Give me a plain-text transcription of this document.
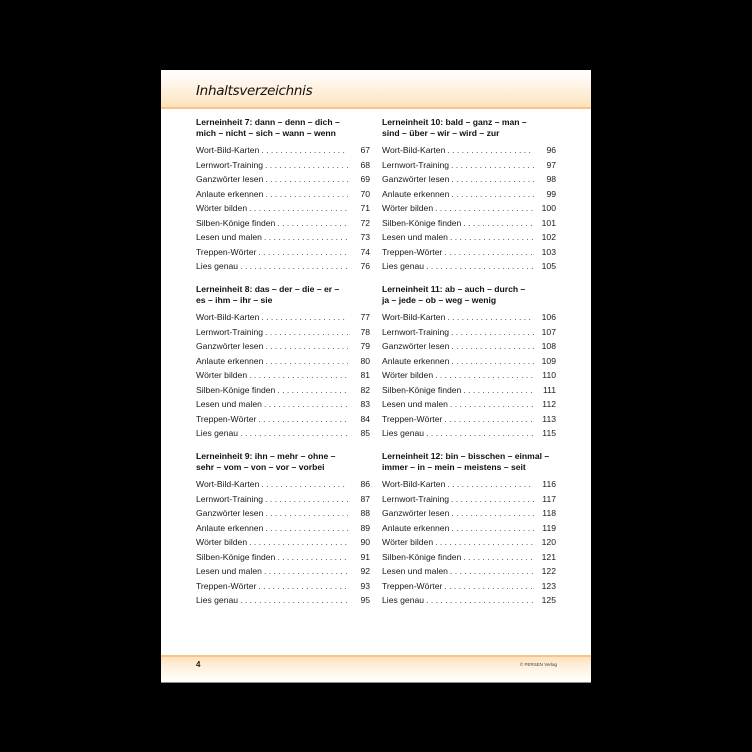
Inhaltsverzeichnis
Lerneinheit 7: dann – denn – dich –
mich – nicht – sich – wann – wenn
Wort-Bild-Karten . . .	67
Lernwort-Training . . .	68
Ganzwörter lesen . . .	69
Anlaute erkennen . . .	70
Wörter bilden . . .	71
Silben-Könige finden . . .	72
Lesen und malen . . .	73
Treppen-Wörter . . .	74
Lies genau . . .	76
Lerneinheit 8: das – der – die – er –
es – ihm – ihr – sie
Wort-Bild-Karten . . .	77
Lernwort-Training . . .	78
Ganzwörter lesen . . .	79
Anlaute erkennen . . .	80
Wörter bilden . . .	81
Silben-Könige finden . . .	82
Lesen und malen . . .	83
Treppen-Wörter . . .	84
Lies genau . . .	85
Lerneinheit 9: ihn – mehr – ohne –
sehr – vom – von – vor – vorbei
Wort-Bild-Karten . . .	86
Lernwort-Training . . .	87
Ganzwörter lesen . . .	88
Anlaute erkennen . . .	89
Wörter bilden . . .	90
Silben-Könige finden . . .	91
Lesen und malen . . .	92
Treppen-Wörter . . .	93
Lies genau . . .	95
Lerneinheit 10: bald – ganz – man –
sind – über – wir – wird – zur
Wort-Bild-Karten . . .	96
Lernwort-Training . . .	97
Ganzwörter lesen . . .	98
Anlaute erkennen . . .	99
Wörter bilden . . .	100
Silben-Könige finden . . .	101
Lesen und malen . . .	102
Treppen-Wörter . . .	103
Lies genau . . .	105
Lerneinheit 11: ab – auch – durch –
ja – jede – ob – weg – wenig
Wort-Bild-Karten . . .	106
Lernwort-Training . . .	107
Ganzwörter lesen . . .	108
Anlaute erkennen . . .	109
Wörter bilden . . .	110
Silben-Könige finden . . .	111
Lesen und malen . . .	112
Treppen-Wörter . . .	113
Lies genau . . .	115
Lerneinheit 12: bin – bisschen – einmal –
immer – in – mein – meistens – seit
Wort-Bild-Karten . . .	116
Lernwort-Training . . .	117
Ganzwörter lesen . . .	118
Anlaute erkennen . . .	119
Wörter bilden . . .	120
Silben-Könige finden . . .	121
Lesen und malen . . .	122
Treppen-Wörter . . .	123
Lies genau . . .	125
4	© PERSEN Verlag
